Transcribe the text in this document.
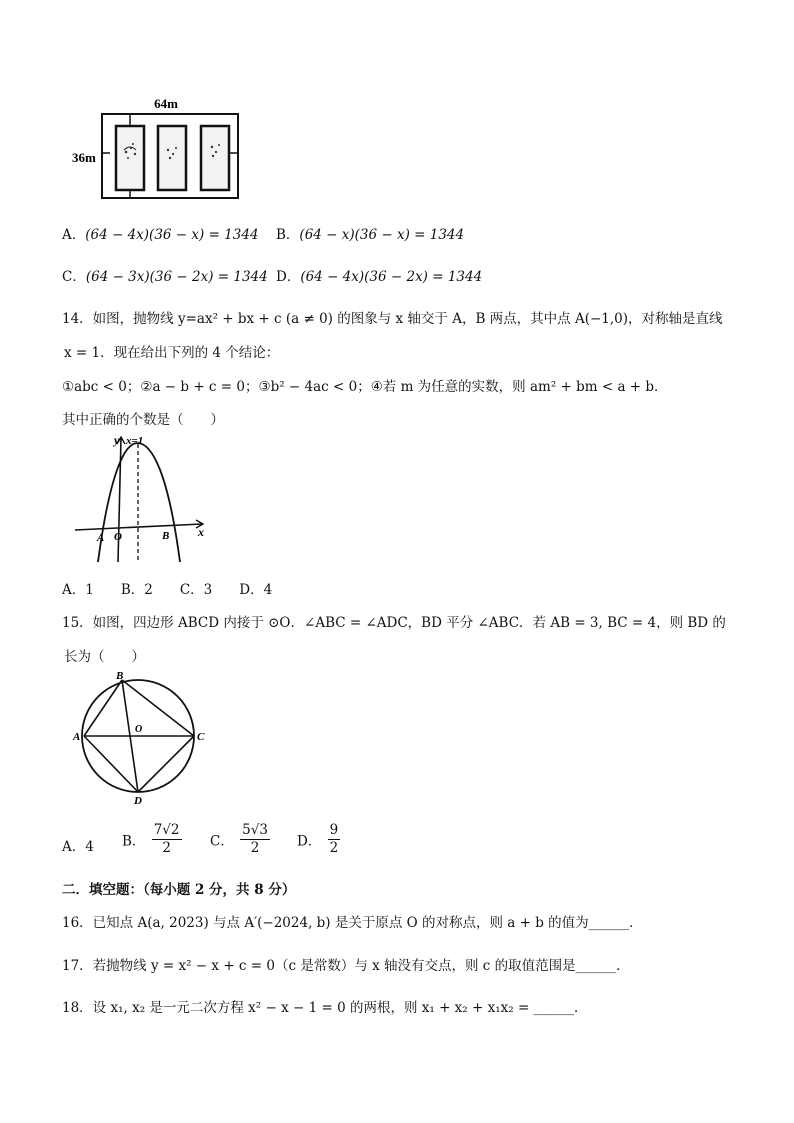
64m
36m
A．(64 − 4x)(36 − x) = 1344 B．(64 − x)(36 − x) = 1344
C．(64 − 3x)(36 − 2x) = 1344 D．(64 − 4x)(36 − 2x) = 1344
14．如图，抛物线 y=ax² + bx + c (a ≠ 0) 的图象与 x 轴交于 A，B 两点，其中点 A(−1,0)，对称轴是直线
x = 1．现在给出下列的 4 个结论：
①abc < 0；②a − b + c = 0；③b² − 4ac < 0；④若 m 为任意的实数，则 am² + bm < a + b．
其中正确的个数是（　　）
y x=1
x
A O	B
A．1　　B．2　　C．3　　D．4
15．如图，四边形 ABCD 内接于 ⊙O．∠ABC = ∠ADC，BD 平分 ∠ABC．若 AB = 3, BC = 4，则 BD 的
长为（　　）
B
O
A	C
D
A．4 B． $\frac{7√2}{2}$ C． $\frac{5√3}{2}$ D． $\frac{9}{2}$
二．填空题：（每小题 2 分，共 8 分）
16．已知点 A(a, 2023) 与点 A′(−2024, b) 是关于原点 O 的对称点，则 a + b 的值为______．
17．若抛物线 y = x² − x + c = 0（c 是常数）与 x 轴没有交点，则 c 的取值范围是______．
18．设 x₁, x₂ 是一元二次方程 x² − x − 1 = 0 的两根，则 x₁ + x₂ + x₁x₂ = ______．
